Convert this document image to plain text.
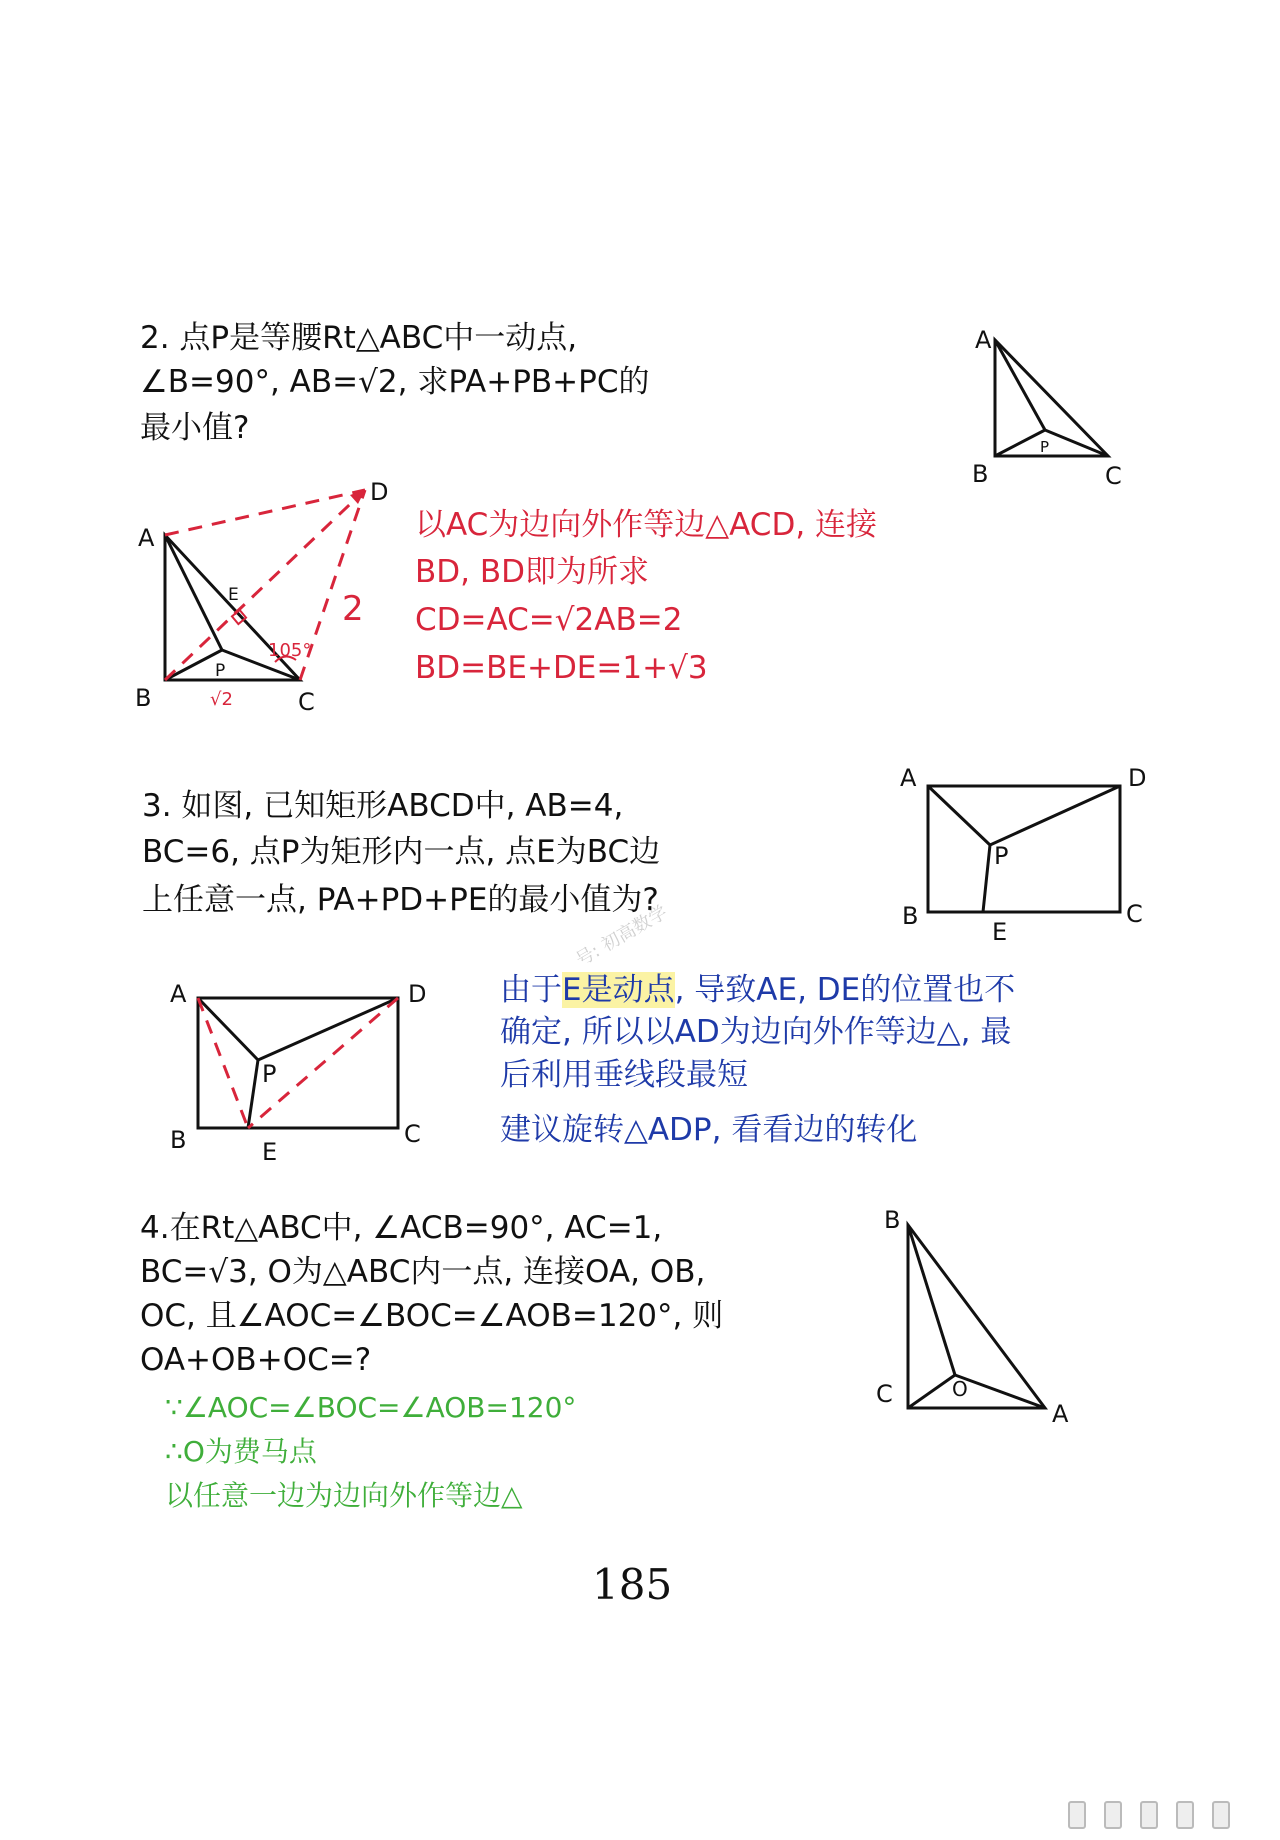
2. 点P是等腰Rt△ABC中一动点,
∠B=90°, AB=√2, 求PA+PB+PC的
最小值?
以AC为边向外作等边△ACD, 连接
BD, BD即为所求
CD=AC=√2AB=2
BD=BE+DE=1+√3
3. 如图, 已知矩形ABCD中, AB=4,
BC=6, 点P为矩形内一点, 点E为BC边
上任意一点, PA+PD+PE的最小值为?
由于E是动点, 导致AE, DE的位置也不
确定, 所以以AD为边向外作等边△, 最
后利用垂线段最短
建议旋转△ADP, 看看边的转化
4.在Rt△ABC中, ∠ACB=90°, AC=1,
BC=√3, O为△ABC内一点, 连接OA, OB,
OC, 且∠AOC=∠BOC=∠AOB=120°, 则
OA+OB+OC=?
∵∠AOC=∠BOC=∠AOB=120°
∴O为费马点
以任意一边为边向外作等边△
185
号: 初高数学
A
B	C
P
A
B	C
D
E
P
105°
√2
2
A	D
B	C
E
P
A	D
B	C
E
P
B
C
A
O
